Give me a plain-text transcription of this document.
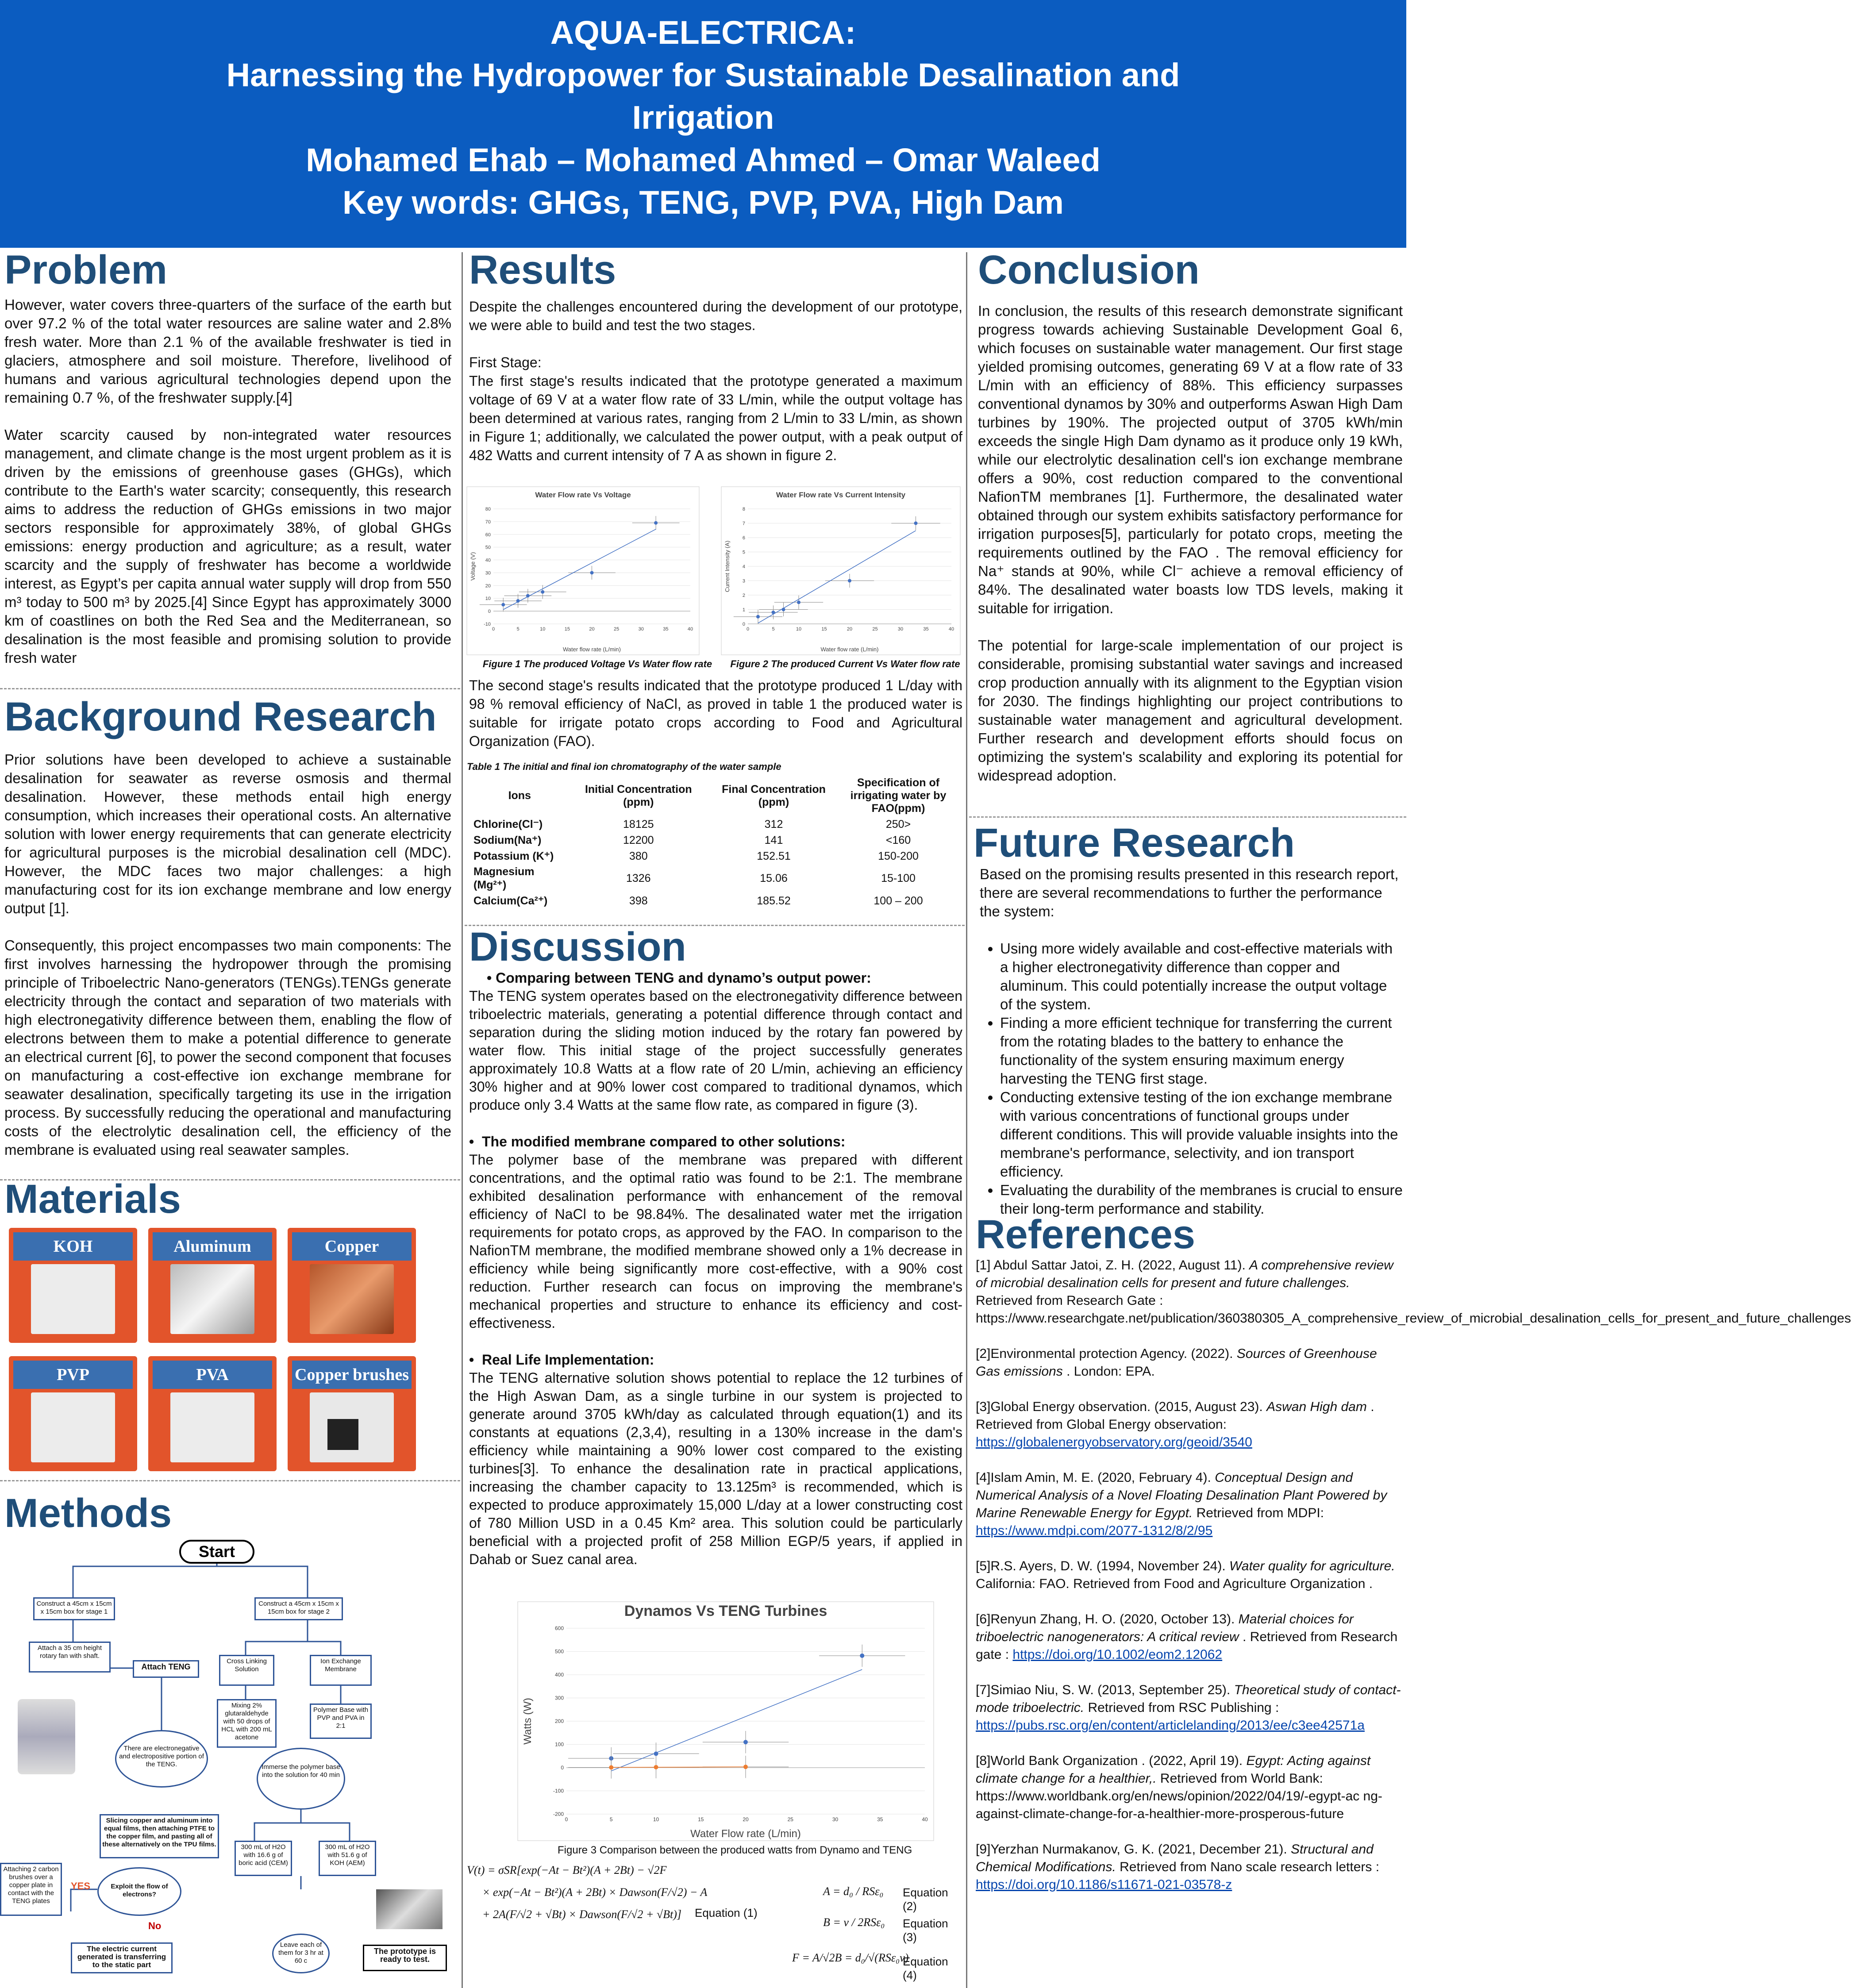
AQUA-ELECTRICA:
Harnessing the Hydropower for Sustainable Desalination and
Irrigation
Mohamed Ehab – Mohamed Ahmed – Omar Waleed
Key words: GHGs, TENG, PVP, PVA, High Dam
Problem

However, water covers three-quarters of the surface of the earth but over 97.2 % of the total water resources are saline water and 2.8% fresh water. More than 2.1 % of the available freshwater is tied in glaciers, atmosphere and soil moisture. Therefore, livelihood of humans and various agricultural technologies depend upon the remaining 0.7 %, of the freshwater supply.[4]

Water scarcity caused by non-integrated water resources management, and climate change is the most urgent problem as it is driven by the emissions of greenhouse gases (GHGs), which contribute to the Earth's water scarcity; consequently, this research aims to address the reduction of GHGs emissions in two major sectors responsible for approximately 38%, of global GHGs emissions: energy production and agriculture; as a result, water scarcity and the supply of freshwater has become a worldwide interest, as Egypt’s per capita annual water supply will drop from 550 m³ today to 500 m³ by 2025.[4] Since Egypt has approximately 3000 km of coastlines on both the Red Sea and the Mediterranean, so desalination is the most feasible and promising solution to provide fresh water

Background Research

Prior solutions have been developed to achieve a sustainable desalination for seawater as reverse osmosis and thermal desalination. However, these methods entail high energy consumption, which increases their operational costs. An alternative solution with lower energy requirements that can generate electricity for agricultural purposes is the microbial desalination cell (MDC). However, the MDC faces two major challenges: a high manufacturing cost for its ion exchange membrane and low energy output [1].

Consequently, this project encompasses two main components: The first involves harnessing the hydropower through the promising principle of Triboelectric Nano-generators (TENGs).TENGs generate electricity through the contact and separation of two materials with high electronegativity difference between them, enabling the flow of electrons between them to make a potential difference to generate an electrical current [6], to power the second component that focuses on manufacturing a cost-effective ion exchange membrane for seawater desalination, specifically targeting its use in the irrigation process. By successfully reducing the operational and manufacturing costs of the electrolytic desalination cell, the efficiency of the membrane is evaluated using real seawater samples.

Materials
KOH	Aluminum	Copper
PVP	PVA	Copper brushes
Methods
Start
Construct a 45cm x 15cm x 15cm box for stage 1
Construct a 45cm x 15cm x 15cm box for stage 2
Attach a 35 cm height rotary fan with shaft.
Attach TENG
Cross Linking Solution
Ion Exchange Membrane
Mixing 2% glutaraldehyde with 50 drops of HCL with 200 mL acetone
Polymer Base with PVP and PVA in 2:1
There are electronegative and electropositive portion of the TENG.	Immerse the polymer base into the solution for 40 min
Slicing copper and aluminum into equal films, then attaching PTFE to the copper film, and pasting all of these alternatively on the TPU films.
Attaching 2 carbon brushes over a copper plate in contact with the TENG plates
Exploit the flow of electrons?
YES
No
300 mL of H2O with 16.6 g of boric acid (CEM)
300 mL of H2O with 51.6 g of KOH (AEM)
Leave each of them for 3 hr at 60 c
The electric current generated is transferring to the static part
The prototype is ready to test.
Results

Despite the challenges encountered during the development of our prototype, we were able to build and test the two stages.

First Stage:
The first stage's results indicated that the prototype generated a maximum voltage of 69 V at a water flow rate of 33 L/min, while the output voltage has been determined at various rates, ranging from 2 L/min to 33 L/min, as shown in Figure 1; additionally, we calculated the power output, with a peak output of 482 Watts and current intensity of 7 A as shown in figure 2.
Water Flow rate Vs Voltage
-10
0
10
20
30
40
50
60
70
80
0	5	10	15	20	25	30	35	40
Water flow rate (L/min)
Voltage (V)
Water Flow rate Vs Current Intensity
0
1
2
3
4
5
6
7
8
0	5	10	15	20	25	30	35	40
Water flow rate (L/min)
Current Intensity (A)
Figure 1 The produced Voltage Vs Water flow rate	Figure 2 The produced Current Vs Water flow rate
The second stage's results indicated that the prototype produced 1 L/day with 98 % removal efficiency of NaCl, as proved in table 1 the produced water is suitable for irrigate potato crops according to Food and Agricultural Organization (FAO).
Table 1 The initial and final ion chromatography of the water sample
Ions	Initial Concentration (ppm)	Final Concentration (ppm)	Specification of irrigating water by FAO(ppm)
Chlorine(Cl⁻)	18125	312	250>
Sodium(Na⁺)	12200	141	<160
Potassium (K⁺)	380	152.51	150-200
Magnesium (Mg²⁺)	1326	15.06	15-100
Calcium(Ca²⁺)	398	185.52	100 – 200
Discussion
• Comparing between TENG and dynamo’s output power:

The TENG system operates based on the electronegativity difference between triboelectric materials, generating a potential difference through contact and separation during the sliding motion induced by the rotary fan powered by water flow. This initial stage of the project successfully generates approximately 10.8 Watts at a flow rate of 20 L/min, achieving an efficiency 30% higher and at 90% lower cost compared to traditional dynamos, which produce only 3.4 Watts at the same flow rate, as compared in figure (3).

•  The modified membrane compared to other solutions:

The polymer base of the membrane was prepared with different concentrations, and the optimal ratio was found to be 2:1. The membrane exhibited desalination performance with enhancement of the removal efficiency of NaCl to be 98.84%. The desalinated water met the irrigation requirements for potato crops, as approved by the FAO. In comparison to the NafionTM membrane, the modified membrane showed only a 1% decrease in efficiency while being significantly more cost-effective, with a 90% cost reduction. Further research can focus on improving the membrane's mechanical properties and structure to enhance its efficiency and cost-effectiveness.

•  Real Life Implementation:

The TENG alternative solution shows potential to replace the 12 turbines of the High Aswan Dam, as a single turbine in our system is projected to generate around 3705 kWh/day as calculated through equation(1) and its constants at equations (2,3,4), resulting in a 130% increase in the dam's efficiency while maintaining a 90% lower cost compared to the existing turbines[3]. To enhance the desalination rate in practical applications, increasing the chamber capacity to 13.125m³ is recommended, which is expected to produce approximately 15,000 L/day at a lower constructing cost of 780 Million USD in a 0.45 Km² area. This solution could be particularly beneficial with a projected profit of 258 Million EGP/5 years, if applied in Dahab or Suez canal area.

Dynamos Vs TENG Turbines
-200
-100
0
100
200
300
400
500
600
0	5	10	15	20	25	30	35	40
Water Flow rate (L/min)
Watts (W)
Figure 3 Comparison between the produced watts from Dynamo and TENG
V(t) = σSR[exp(−At − Bt²)(A + 2Bt) − √2F
× exp(−At − Bt²)(A + 2Bt) × Dawson(F/√2) − A
+ 2A(F/√2 + √Bt) × Dawson(F/√2 + √Bt)] Equation (1)
A = d₀ / RSε₀ Equation (2)
B = v / 2RSε₀ Equation (3)
F = A/√2B = d₀/√(RSε₀v)
Equation (4)
Conclusion

In conclusion, the results of this research demonstrate significant progress towards achieving Sustainable Development Goal 6, which focuses on sustainable water management. Our first stage yielded promising outcomes, generating 69 V at a flow rate of 33 L/min with an efficiency of 88%. This efficiency surpasses conventional dynamos by 30% and outperforms Aswan High Dam turbines by 190%. The projected output of 3705 kWh/min exceeds the single High Dam dynamo as it produce only 19 kWh, while our electrolytic desalination cell's ion exchange membrane offers a 90%, cost reduction compared to the conventional NafionTM membranes [1]. Furthermore, the desalinated water obtained through our system exhibits satisfactory performance for irrigation purposes[5], particularly for potato crops, meeting the requirements outlined by the FAO . The removal efficiency for Na⁺ stands at 90%, while Cl⁻ achieve a removal efficiency of 84%. The desalinated water boasts low TDS levels, making it suitable for irrigation.

The potential for large-scale implementation of our project is considerable, promising substantial water savings and increased crop production annually with its alignment to the Egyptian vision for 2030. The findings highlighting our project contributions to sustainable water management and agricultural development. Further research and development efforts should focus on optimizing the system's scalability and exploring its potential for widespread adoption.

Future Research
Based on the promising results presented in this research report, there are several recommendations to further the performance the system:
• Using more widely available and cost-effective materials with a higher electronegativity difference than copper and aluminum. This could potentially increase the output voltage of the system.
• Finding a more efficient technique for transferring the current from the rotating blades to the battery to enhance the functionality of the system ensuring maximum energy harvesting the TENG first stage.
• Conducting extensive testing of the ion exchange membrane with various concentrations of functional groups under different conditions. This will provide valuable insights into the membrane's performance, selectivity, and ion transport efficiency.
• Evaluating the durability of the membranes is crucial to ensure their long-term performance and stability.
References
[1] Abdul Sattar Jatoi, Z. H. (2022, August 11). A comprehensive review of microbial desalination cells for present and future challenges. Retrieved from Research Gate : https://www.researchgate.net/publication/360380305_A_comprehensive_review_of_microbial_desalination_cells_for_present_and_future_challenges
[2]Environmental protection Agency. (2022). Sources of Greenhouse Gas emissions . London: EPA.
[3]Global Energy observation. (2015, August 23). Aswan High dam . Retrieved from Global Energy observation: https://globalenergyobservatory.org/geoid/3540
[4]Islam Amin, M. E. (2020, February 4). Conceptual Design and Numerical Analysis of a Novel Floating Desalination Plant Powered by Marine Renewable Energy for Egypt. Retrieved from MDPI: https://www.mdpi.com/2077-1312/8/2/95
[5]R.S. Ayers, D. W. (1994, November 24). Water quality for agriculture. California: FAO. Retrieved from Food and Agriculture Organization .
[6]Renyun Zhang, H. O. (2020, October 13). Material choices for triboelectric nanogenerators: A critical review . Retrieved from Research gate : https://doi.org/10.1002/eom2.12062
[7]Simiao Niu, S. W. (2013, September 25). Theoretical study of contact-mode triboelectric. Retrieved from RSC Publishing : https://pubs.rsc.org/en/content/articlelanding/2013/ee/c3ee42571a
[8]World Bank Organization . (2022, April 19). Egypt: Acting against climate change for a healthier,. Retrieved from World Bank: https://www.worldbank.org/en/news/opinion/2022/04/19/-egypt-ac ng-against-climate-change-for-a-healthier-more-prosperous-future
[9]Yerzhan Nurmakanov, G. K. (2021, December 21). Structural and Chemical Modifications. Retrieved from Nano scale research letters : https://doi.org/10.1186/s11671-021-03578-z
